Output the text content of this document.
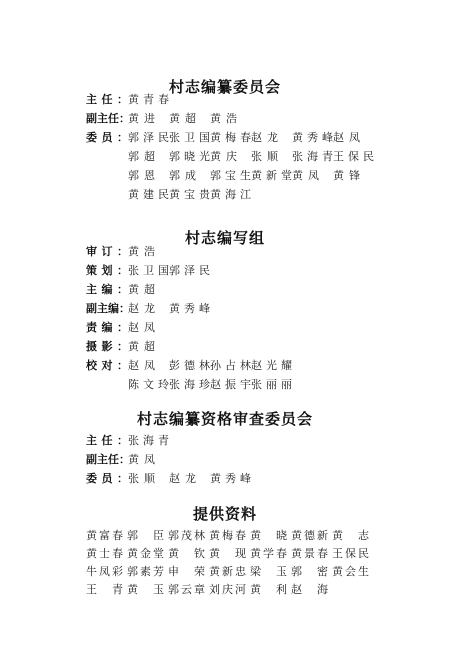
村志编纂委员会
主任：黄青春
副主任：黄进 黄超 黄浩
委员：郭泽民张卫国黄梅春赵龙 黄秀峰赵凤
郭超 郭晓光黄庆 张顺 张海青王保民
郭恩 郭成 郭宝生黄新堂黄凤 黄锋
黄建民黄宝贵黄海江
村志编写组
审订：黄浩
策划：张卫国郭泽民
主编：黄超
副主编：赵龙 黄秀峰
责编：赵凤
摄影：黄超
校对：赵凤 彭德林孙占林赵光耀
陈文玲张海珍赵振宇张丽丽
村志编纂资格审查委员会
主任：张海青
副主任：黄凤
委员：张顺 赵龙 黄秀峰
提供资料
黄富春 郭臣 郭茂林 黄梅春 黄晓 黄德新 黄志
黄士春 黄金堂 黄钦 黄现 黄学春 黄景春 王保民
牛凤彩 郭素芳 申荣 黄新忠 梁玉 郭密 黄会生
王青 黄玉 郭云章 刘庆河 黄利 赵海
